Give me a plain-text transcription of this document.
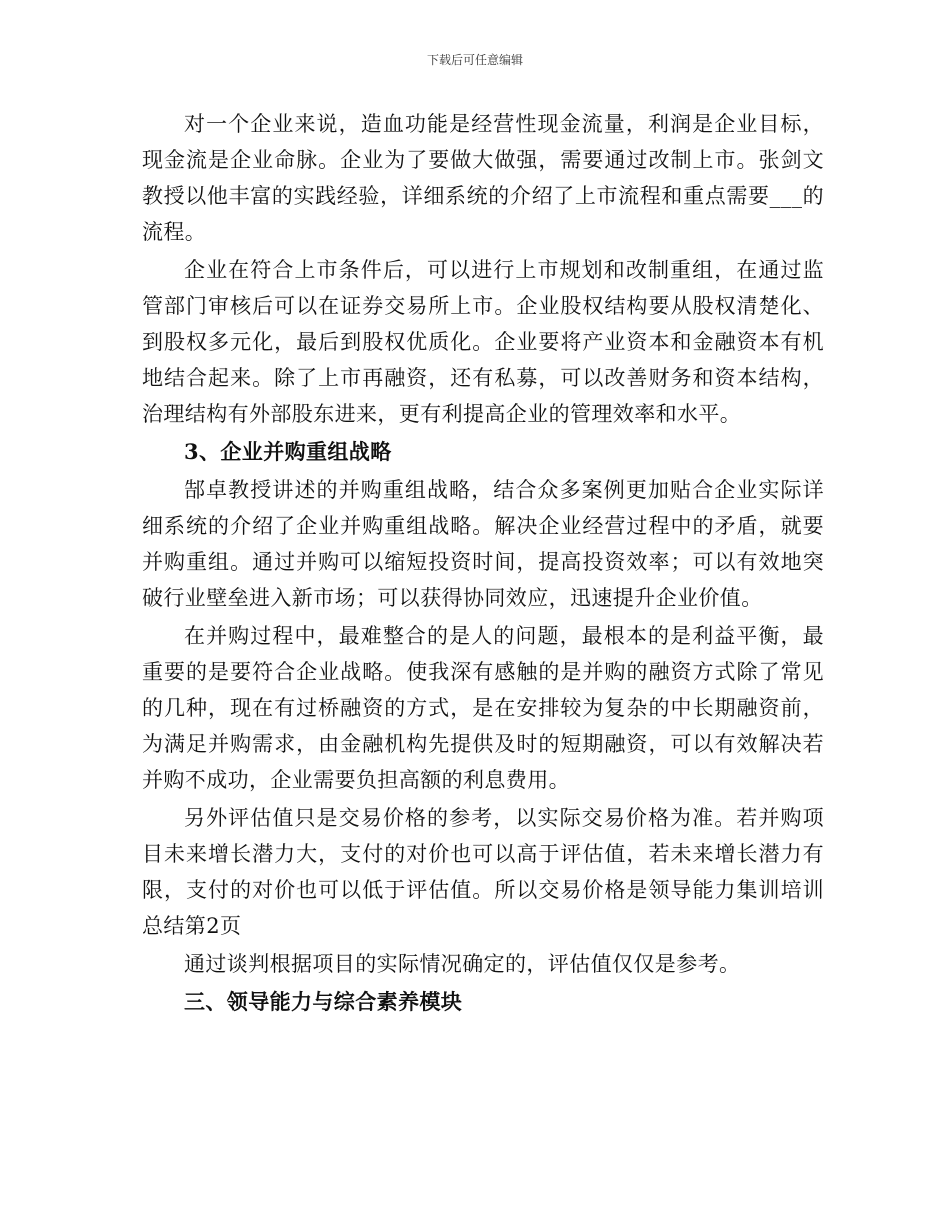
下载后可任意编辑

对一个企业来说，造血功能是经营性现金流量，利润是企业目标，现金流是企业命脉。企业为了要做大做强，需要通过改制上市。张剑文教授以他丰富的实践经验，详细系统的介绍了上市流程和重点需要___的流程。

企业在符合上市条件后，可以进行上市规划和改制重组，在通过监管部门审核后可以在证券交易所上市。企业股权结构要从股权清楚化、到股权多元化，最后到股权优质化。企业要将产业资本和金融资本有机地结合起来。除了上市再融资，还有私募，可以改善财务和资本结构，治理结构有外部股东进来，更有利提高企业的管理效率和水平。

3、企业并购重组战略

郜卓教授讲述的并购重组战略，结合众多案例更加贴合企业实际详细系统的介绍了企业并购重组战略。解决企业经营过程中的矛盾，就要并购重组。通过并购可以缩短投资时间，提高投资效率；可以有效地突破行业壁垒进入新市场；可以获得协同效应，迅速提升企业价值。

在并购过程中，最难整合的是人的问题，最根本的是利益平衡，最重要的是要符合企业战略。使我深有感触的是并购的融资方式除了常见的几种，现在有过桥融资的方式，是在安排较为复杂的中长期融资前，为满足并购需求，由金融机构先提供及时的短期融资，可以有效解决若并购不成功，企业需要负担高额的利息费用。

另外评估值只是交易价格的参考，以实际交易价格为准。若并购项目未来增长潜力大，支付的对价也可以高于评估值，若未来增长潜力有限，支付的对价也可以低于评估值。所以交易价格是领导能力集训培训总结第2页

通过谈判根据项目的实际情况确定的，评估值仅仅是参考。

三、领导能力与综合素养模块
